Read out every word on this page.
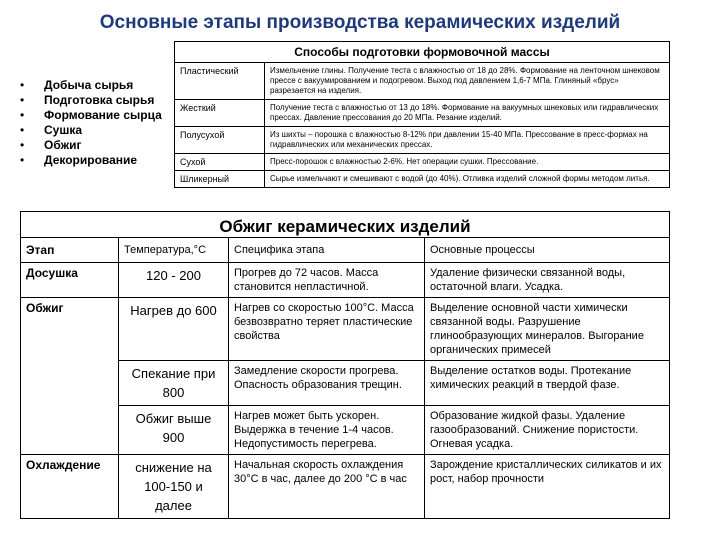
Основные этапы производства керамических изделий
• Добыча сырья
• Подготовка сырья
• Формование сырца
• Сушка
• Обжиг
• Декорирование
Способы подготовки формовочной массы	
Пластический	Измельчение глины. Получение теста с влажностью от 18 до 28%. Формование на ленточном шнековом прессе с вакуумированием и подогревом. Выход под давлением 1,6-7 МПа. Глиняный «брус» разрезается на изделия.
Жесткий	Получение теста с влажностью от 13 до 18%. Формование на вакуумных шнековых или гидравлических прессах. Давление прессования до 20 МПа. Резание изделий.
Полусухой	Из шихты – порошка с влажностью 8-12% при давлении 15-40 МПа. Прессование в пресс-формах на гидравлических или механических прессах.
Сухой	Пресс-порошок с влажностью 2-6%. Нет операции сушки. Прессование.
Шликерный	Сырье измельчают и смешивают с водой (до 40%). Отливка изделий сложной формы методом литья.
Обжиг керамических изделий			
Этап	Температура,°С	Специфика этапа	Основные процессы
Досушка	120 - 200	Прогрев до 72 часов. Масса становится непластичной.	Удаление физически связанной воды, остаточной влаги. Усадка.
Обжиг	Нагрев до 600	Нагрев со скоростью 100°С. Масса безвозвратно теряет пластические свойства	Выделение основной части химически связанной воды. Разрушение глинообразующих минералов. Выгорание органических примесей
	Спекание при 800	Замедление скорости прогрева. Опасность образования трещин.	Выделение остатков воды. Протекание химических реакций в твердой фазе.
	Обжиг выше 900	Нагрев может быть ускорен. Выдержка в течение 1-4 часов. Недопустимость перегрева.	Образование жидкой фазы. Удаление газообразований. Снижение пористости. Огневая усадка.
Охлаждение	снижение на 100-150 и далее	Начальная скорость охлаждения 30°С в час, далее до 200 °С в час	Зарождение кристаллических силикатов и их рост, набор прочности
